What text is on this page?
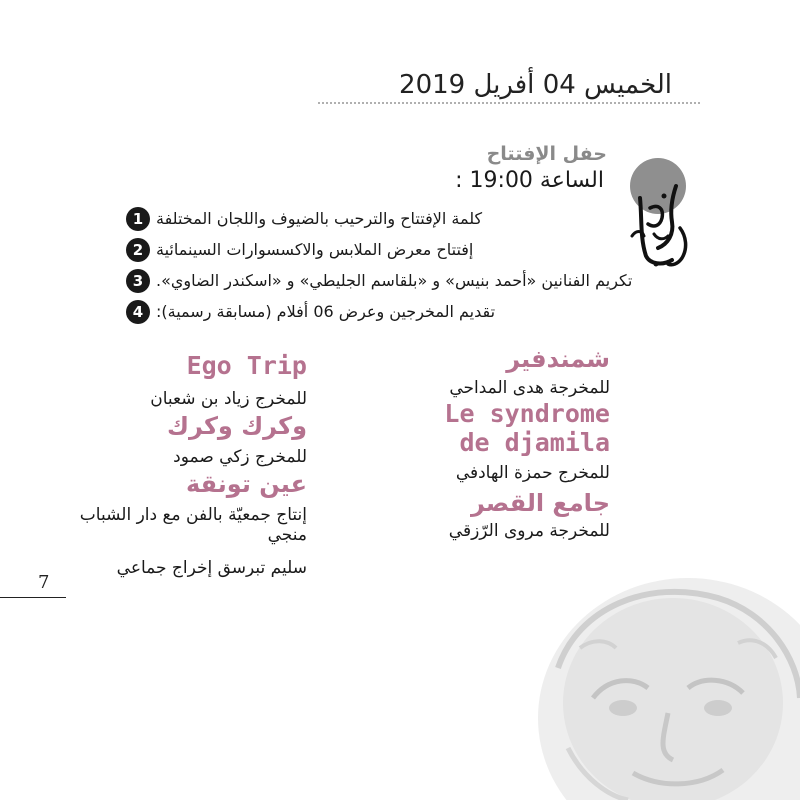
الخميس 04 أفريل 2019
حفل الإفتتاح
الساعة 19:00 :
1 كلمة الإفتتاح والترحيب بالضيوف واللجان المختلفة
2 إفتتاح معرض الملابس والاكسسوارات السينمائية
3 تكريم الفنانين «أحمد بنيس» و «بلقاسم الجليطي» و «اسكندر الضاوي».
4 تقديم المخرجين وعرض 06 أفلام (مسابقة رسمية):
شمندفير
للمخرجة هدى المداحي
Le syndrome de djamila
للمخرج حمزة الهادفي
جامع القصر
للمخرجة مروى الرّزقي
Ego Trip
للمخرج زياد بن شعبان
وكرك وكرك
للمخرج زكي صمود
عين تونقة
إنتاج جمعيّة بالفن مع دار الشباب منجي
سليم تبرسق إخراج جماعي
7
